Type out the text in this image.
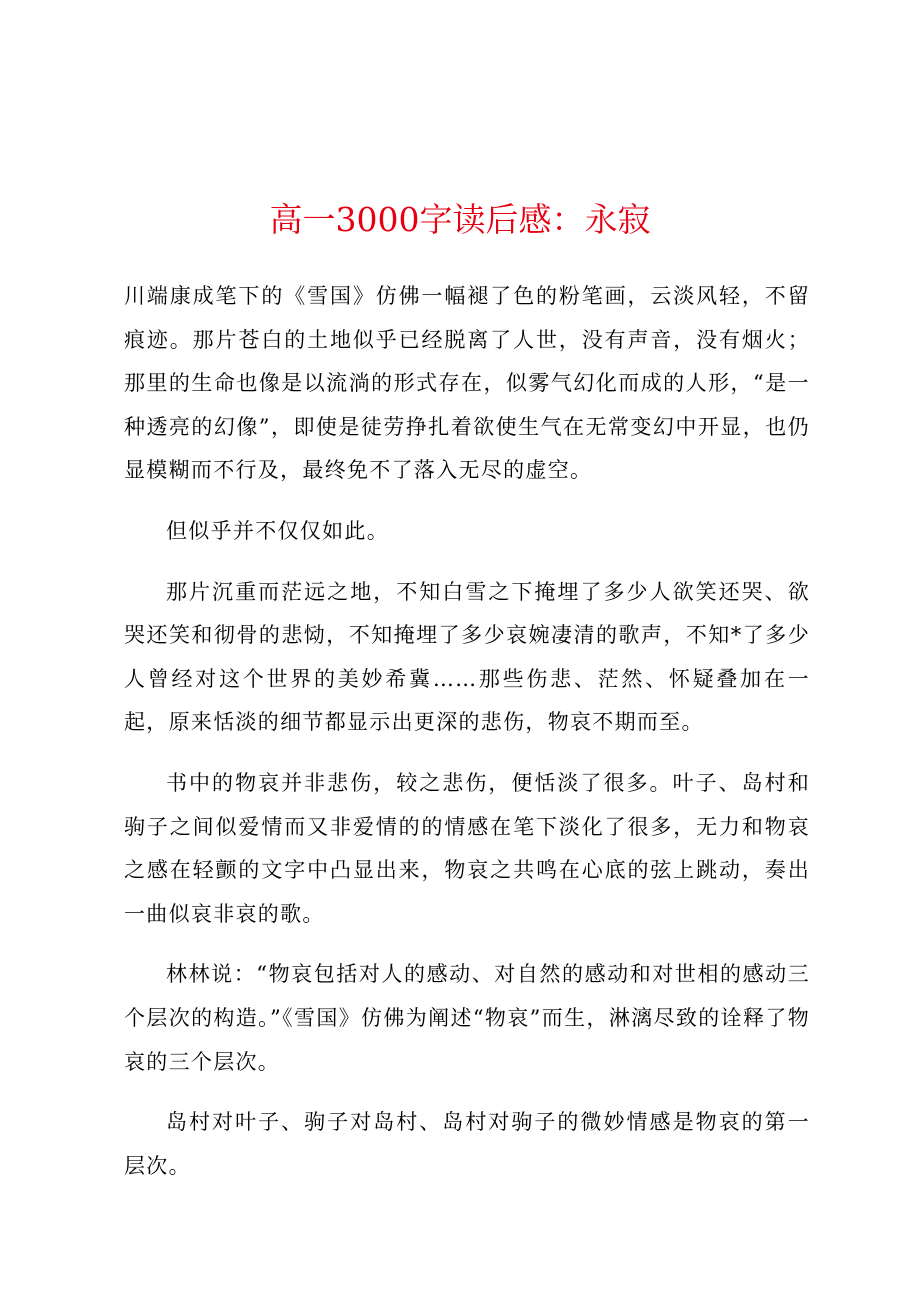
高一3000字读后感：永寂

川端康成笔下的《雪国》仿佛一幅褪了色的粉笔画，云淡风轻，不留痕迹。那片苍白的土地似乎已经脱离了人世，没有声音，没有烟火；那里的生命也像是以流淌的形式存在，似雾气幻化而成的人形，“是一种透亮的幻像”，即使是徒劳挣扎着欲使生气在无常变幻中开显，也仍显模糊而不行及，最终免不了落入无尽的虚空。

但似乎并不仅仅如此。

那片沉重而茫远之地，不知白雪之下掩埋了多少人欲笑还哭、欲哭还笑和彻骨的悲恸，不知掩埋了多少哀婉凄清的歌声，不知*了多少人曾经对这个世界的美妙希冀……那些伤悲、茫然、怀疑叠加在一起，原来恬淡的细节都显示出更深的悲伤，物哀不期而至。

书中的物哀并非悲伤，较之悲伤，便恬淡了很多。叶子、岛村和驹子之间似爱情而又非爱情的的情感在笔下淡化了很多，无力和物哀之感在轻颤的文字中凸显出来，物哀之共鸣在心底的弦上跳动，奏出一曲似哀非哀的歌。

林林说：“物哀包括对人的感动、对自然的感动和对世相的感动三个层次的构造。”《雪国》仿佛为阐述“物哀”而生，淋漓尽致的诠释了物哀的三个层次。

岛村对叶子、驹子对岛村、岛村对驹子的微妙情感是物哀的第一层次。
